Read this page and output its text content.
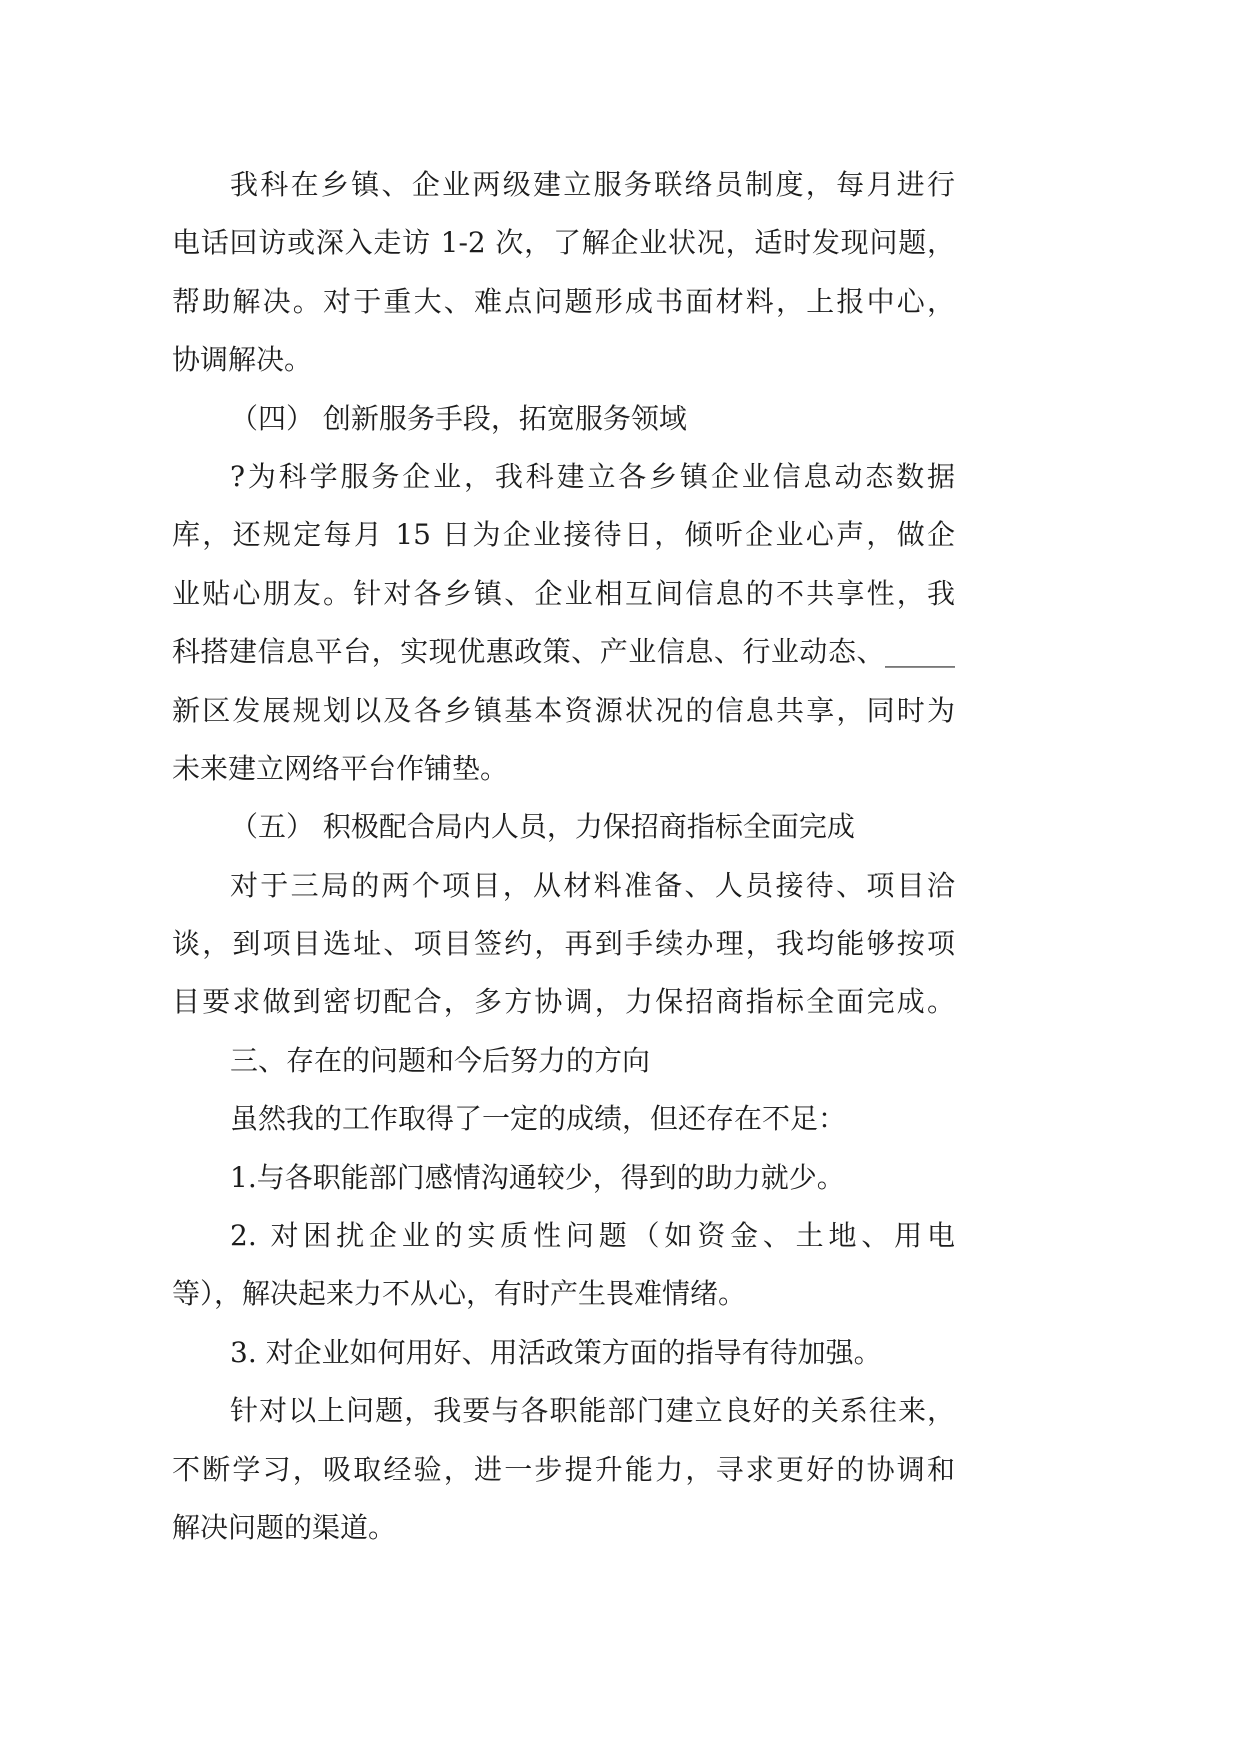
我科在乡镇、企业两级建立服务联络员制度，每月进行
电话回访或深入走访 1-2 次，了解企业状况，适时发现问题，
帮助解决。对于重大、难点问题形成书面材料，上报中心，
协调解决。
（四） 创新服务手段，拓宽服务领域
?为科学服务企业，我科建立各乡镇企业信息动态数据
库，还规定每月 15 日为企业接待日，倾听企业心声，做企
业贴心朋友。针对各乡镇、企业相互间信息的不共享性，我
科搭建信息平台，实现优惠政策、产业信息、行业动态、_____
新区发展规划以及各乡镇基本资源状况的信息共享，同时为
未来建立网络平台作铺垫。
（五） 积极配合局内人员，力保招商指标全面完成
对于三局的两个项目，从材料准备、人员接待、项目洽
谈，到项目选址、项目签约，再到手续办理，我均能够按项
目要求做到密切配合，多方协调，力保招商指标全面完成。
三、存在的问题和今后努力的方向
虽然我的工作取得了一定的成绩，但还存在不足：
1.与各职能部门感情沟通较少，得到的助力就少。
2. 对困扰企业的实质性问题（如资金、土地、用电
等），解决起来力不从心，有时产生畏难情绪。
3. 对企业如何用好、用活政策方面的指导有待加强。
针对以上问题，我要与各职能部门建立良好的关系往来，
不断学习，吸取经验，进一步提升能力，寻求更好的协调和
解决问题的渠道。
